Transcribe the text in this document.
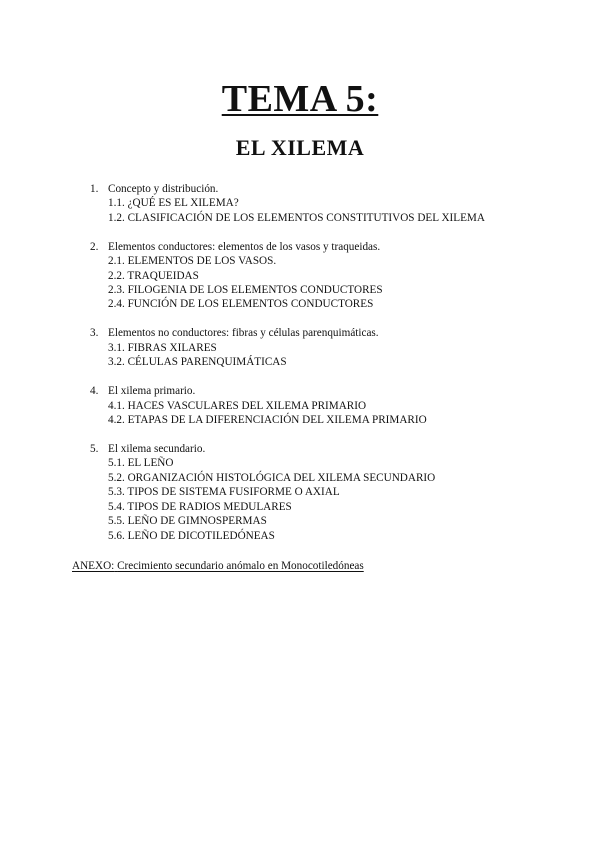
TEMA 5:
EL XILEMA
1. Concepto y distribución.
1.1. ¿QUÉ ES EL XILEMA?
1.2. CLASIFICACIÓN DE LOS ELEMENTOS CONSTITUTIVOS DEL XILEMA
2. Elementos conductores: elementos de los vasos y traqueidas.
2.1. ELEMENTOS DE LOS VASOS.
2.2. TRAQUEIDAS
2.3. FILOGENIA DE LOS ELEMENTOS CONDUCTORES
2.4. FUNCIÓN DE LOS ELEMENTOS CONDUCTORES
3. Elementos no conductores: fibras y células parenquimáticas.
3.1. FIBRAS XILARES
3.2. CÉLULAS PARENQUIMÁTICAS
4. El xilema primario.
4.1. HACES VASCULARES DEL XILEMA PRIMARIO
4.2. ETAPAS DE LA DIFERENCIACIÓN DEL XILEMA PRIMARIO
5. El xilema secundario.
5.1. EL LEÑO
5.2. ORGANIZACIÓN HISTOLÓGICA DEL XILEMA SECUNDARIO
5.3. TIPOS DE SISTEMA FUSIFORME O AXIAL
5.4. TIPOS DE RADIOS MEDULARES
5.5. LEÑO DE GIMNOSPERMAS
5.6. LEÑO DE DICOTILEDÓNEAS
ANEXO: Crecimiento secundario anómalo en Monocotiledóneas
